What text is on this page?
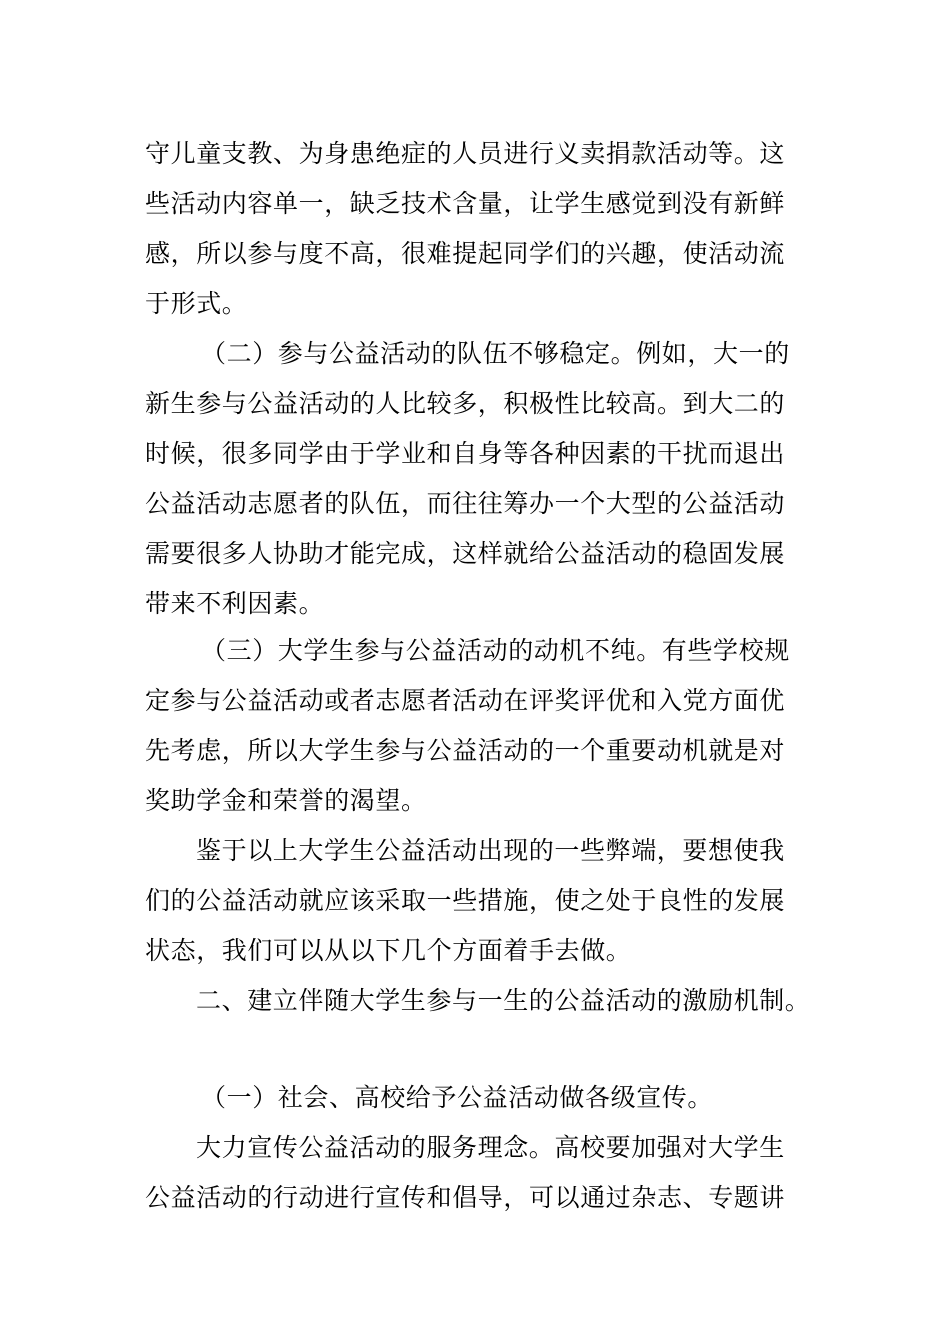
守儿童支教、为身患绝症的人员进行义卖捐款活动等。这
些活动内容单一，缺乏技术含量，让学生感觉到没有新鲜
感，所以参与度不高，很难提起同学们的兴趣，使活动流
于形式。
（二）参与公益活动的队伍不够稳定。例如，大一的
新生参与公益活动的人比较多，积极性比较高。到大二的
时候，很多同学由于学业和自身等各种因素的干扰而退出
公益活动志愿者的队伍，而往往筹办一个大型的公益活动
需要很多人协助才能完成，这样就给公益活动的稳固发展
带来不利因素。
（三）大学生参与公益活动的动机不纯。有些学校规
定参与公益活动或者志愿者活动在评奖评优和入党方面优
先考虑，所以大学生参与公益活动的一个重要动机就是对
奖助学金和荣誉的渴望。
鉴于以上大学生公益活动出现的一些弊端，要想使我
们的公益活动就应该采取一些措施，使之处于良性的发展
状态，我们可以从以下几个方面着手去做。
二、建立伴随大学生参与一生的公益活动的激励机制。
（一）社会、高校给予公益活动做各级宣传。
大力宣传公益活动的服务理念。高校要加强对大学生
公益活动的行动进行宣传和倡导，可以通过杂志、专题讲
